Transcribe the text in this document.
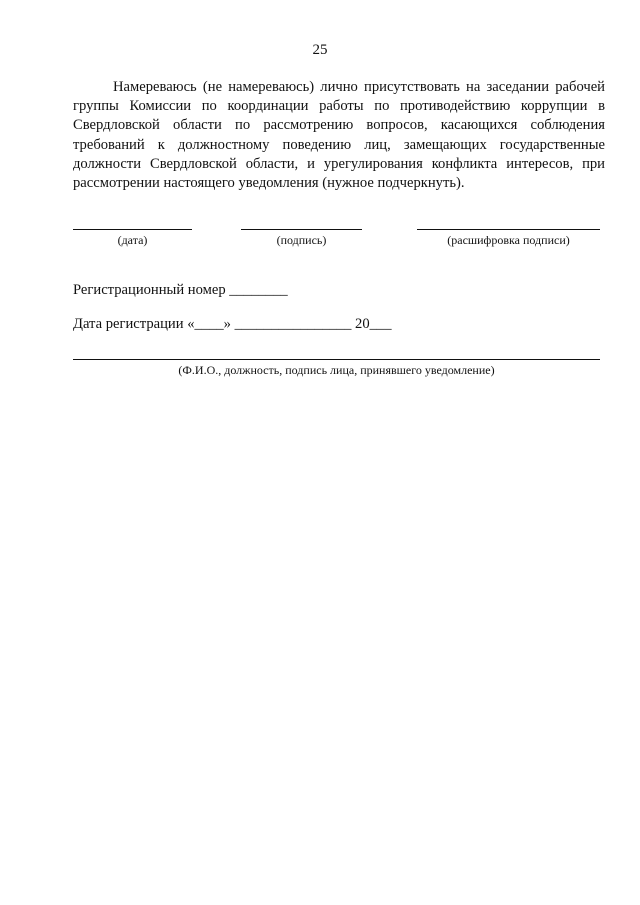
25
Намереваюсь (не намереваюсь) лично присутствовать на заседании рабочей группы Комиссии по координации работы по противодействию коррупции в Свердловской области по рассмотрению вопросов, касающихся соблюдения требований к должностному поведению лиц, замещающих государственные должности Свердловской области, и урегулирования конфликта интересов, при рассмотрении настоящего уведомления (нужное подчеркнуть).
(дата)	(подпись)	(расшифровка подписи)
Регистрационный номер ________
Дата регистрации «____» ________________ 20___
(Ф.И.О., должность, подпись лица, принявшего уведомление)
